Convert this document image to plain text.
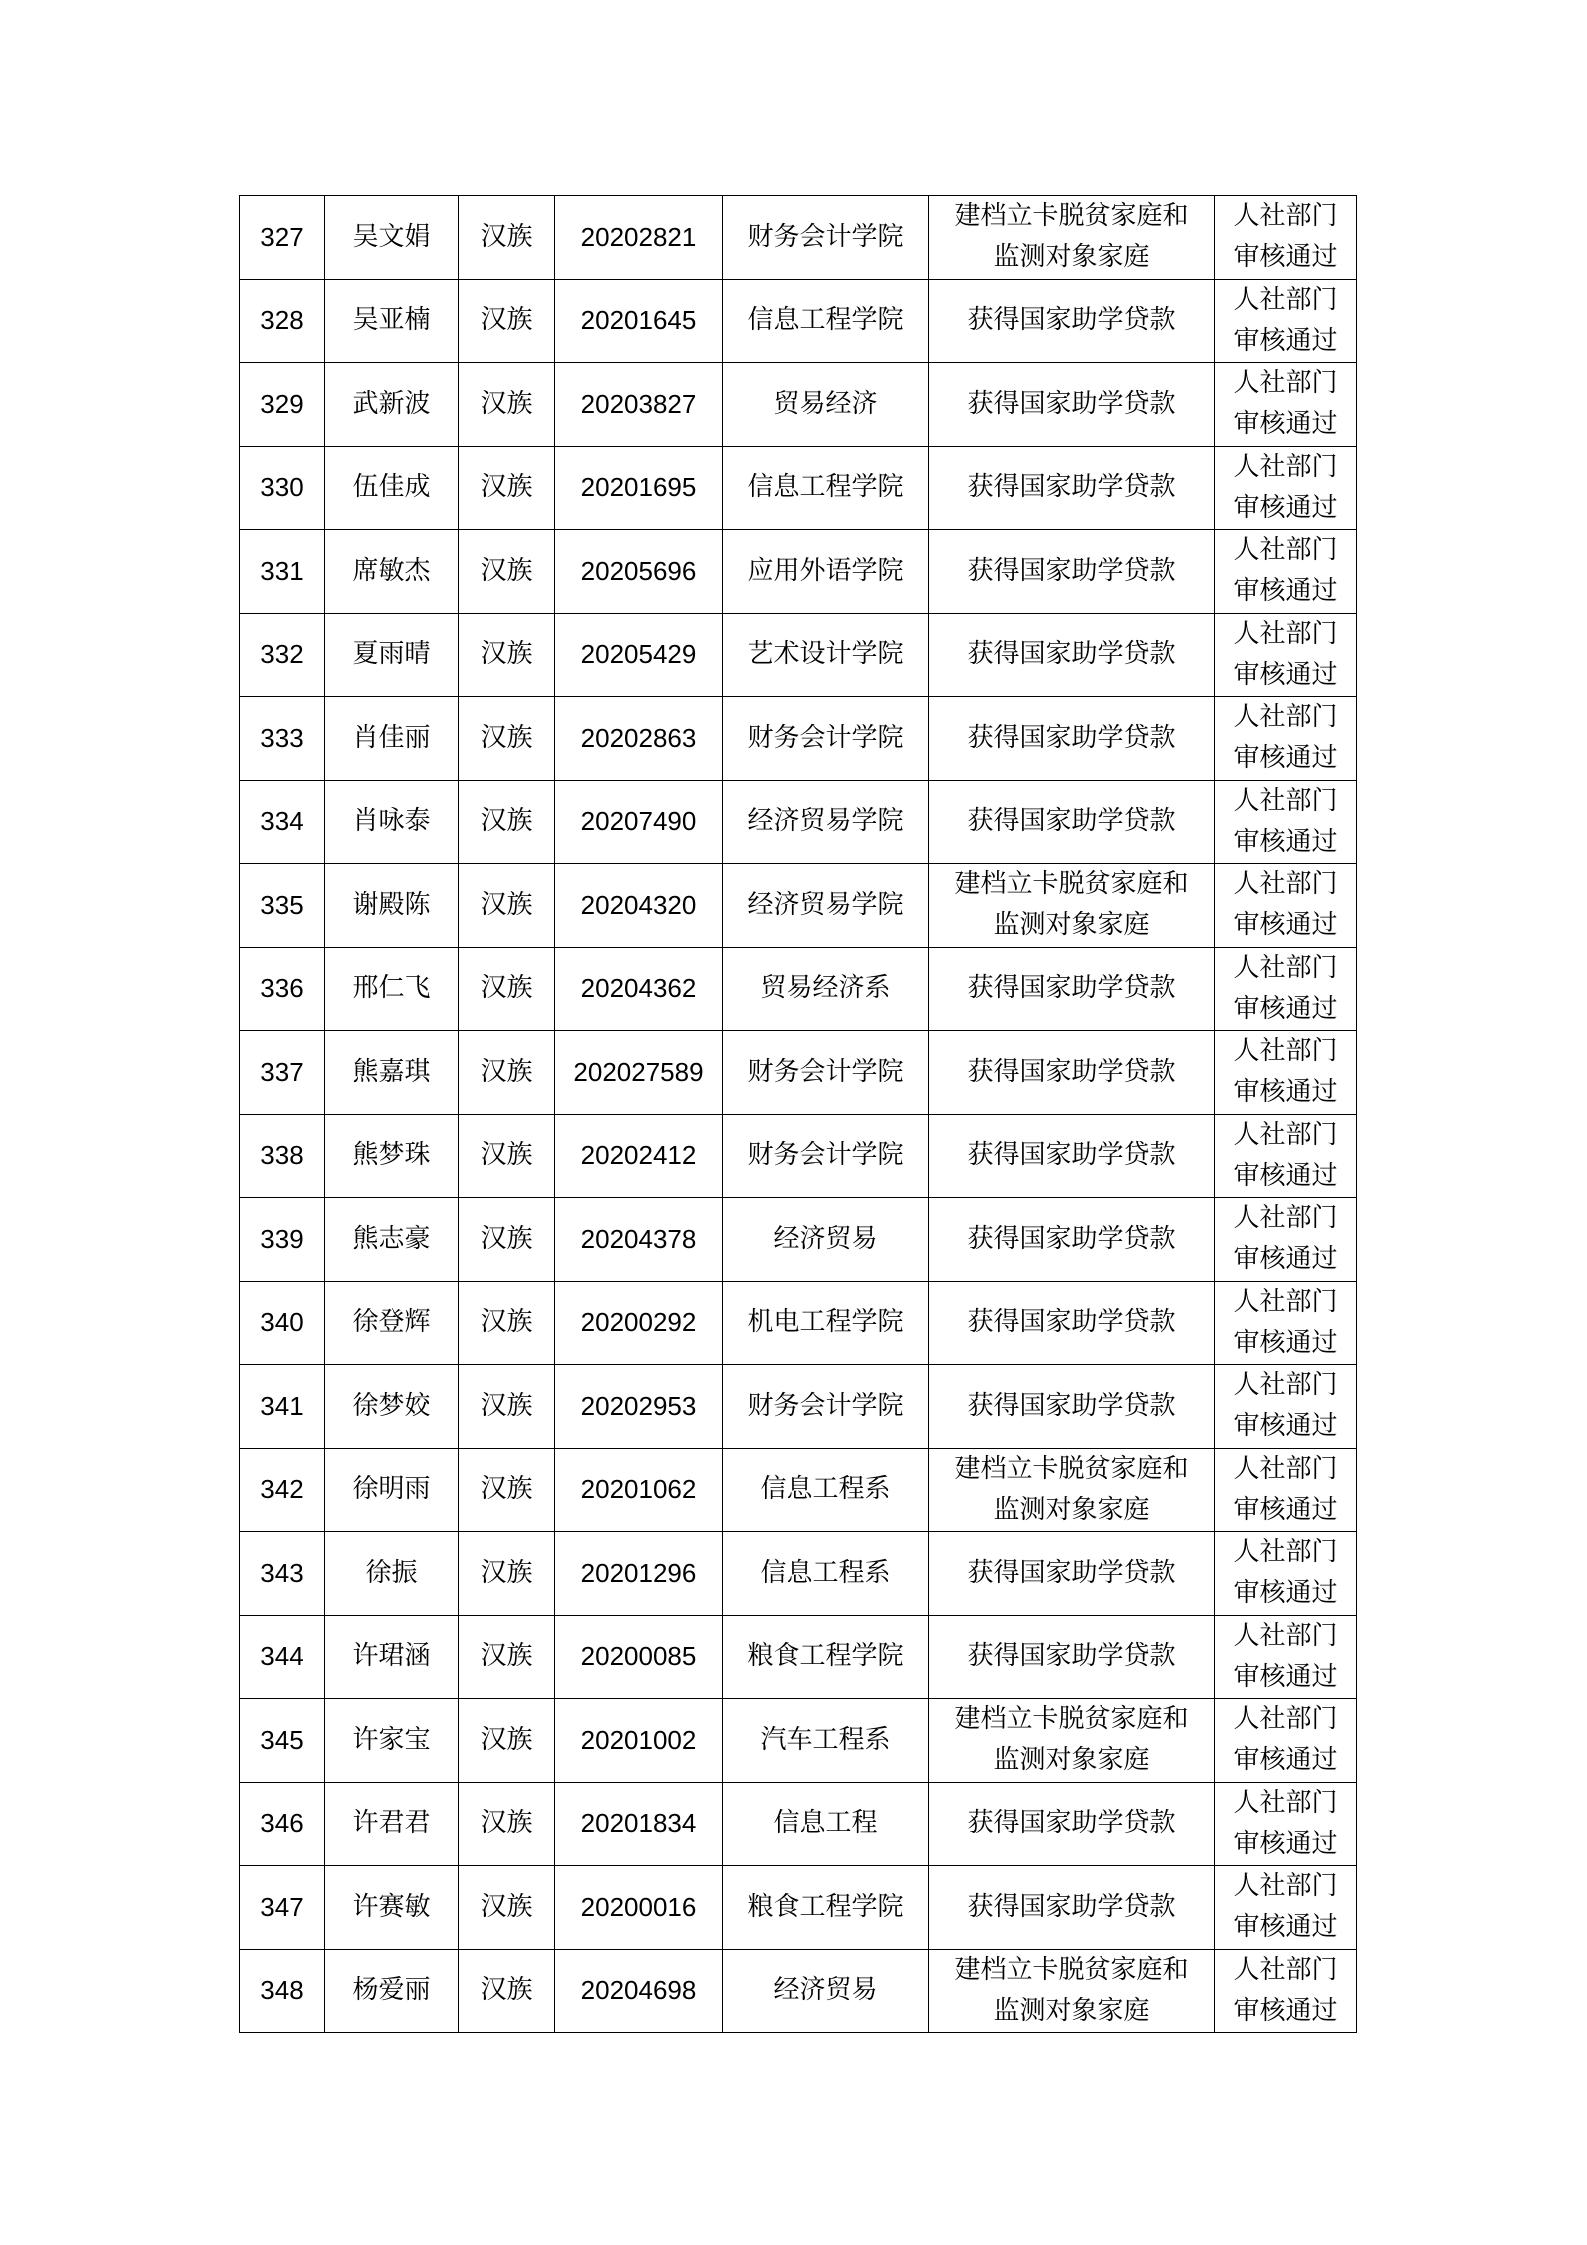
327	吴文娟	汉族	20202821	财务会计学院	建档立卡脱贫家庭和
监测对象家庭	人社部门
审核通过
328	吴亚楠	汉族	20201645	信息工程学院	获得国家助学贷款	人社部门
审核通过
329	武新波	汉族	20203827	贸易经济	获得国家助学贷款	人社部门
审核通过
330	伍佳成	汉族	20201695	信息工程学院	获得国家助学贷款	人社部门
审核通过
331	席敏杰	汉族	20205696	应用外语学院	获得国家助学贷款	人社部门
审核通过
332	夏雨晴	汉族	20205429	艺术设计学院	获得国家助学贷款	人社部门
审核通过
333	肖佳丽	汉族	20202863	财务会计学院	获得国家助学贷款	人社部门
审核通过
334	肖咏泰	汉族	20207490	经济贸易学院	获得国家助学贷款	人社部门
审核通过
335	谢殿陈	汉族	20204320	经济贸易学院	建档立卡脱贫家庭和
监测对象家庭	人社部门
审核通过
336	邢仁飞	汉族	20204362	贸易经济系	获得国家助学贷款	人社部门
审核通过
337	熊嘉琪	汉族	202027589	财务会计学院	获得国家助学贷款	人社部门
审核通过
338	熊梦珠	汉族	20202412	财务会计学院	获得国家助学贷款	人社部门
审核通过
339	熊志豪	汉族	20204378	经济贸易	获得国家助学贷款	人社部门
审核通过
340	徐登辉	汉族	20200292	机电工程学院	获得国家助学贷款	人社部门
审核通过
341	徐梦姣	汉族	20202953	财务会计学院	获得国家助学贷款	人社部门
审核通过
342	徐明雨	汉族	20201062	信息工程系	建档立卡脱贫家庭和
监测对象家庭	人社部门
审核通过
343	徐振	汉族	20201296	信息工程系	获得国家助学贷款	人社部门
审核通过
344	许珺涵	汉族	20200085	粮食工程学院	获得国家助学贷款	人社部门
审核通过
345	许家宝	汉族	20201002	汽车工程系	建档立卡脱贫家庭和
监测对象家庭	人社部门
审核通过
346	许君君	汉族	20201834	信息工程	获得国家助学贷款	人社部门
审核通过
347	许赛敏	汉族	20200016	粮食工程学院	获得国家助学贷款	人社部门
审核通过
348	杨爱丽	汉族	20204698	经济贸易	建档立卡脱贫家庭和
监测对象家庭	人社部门
审核通过
